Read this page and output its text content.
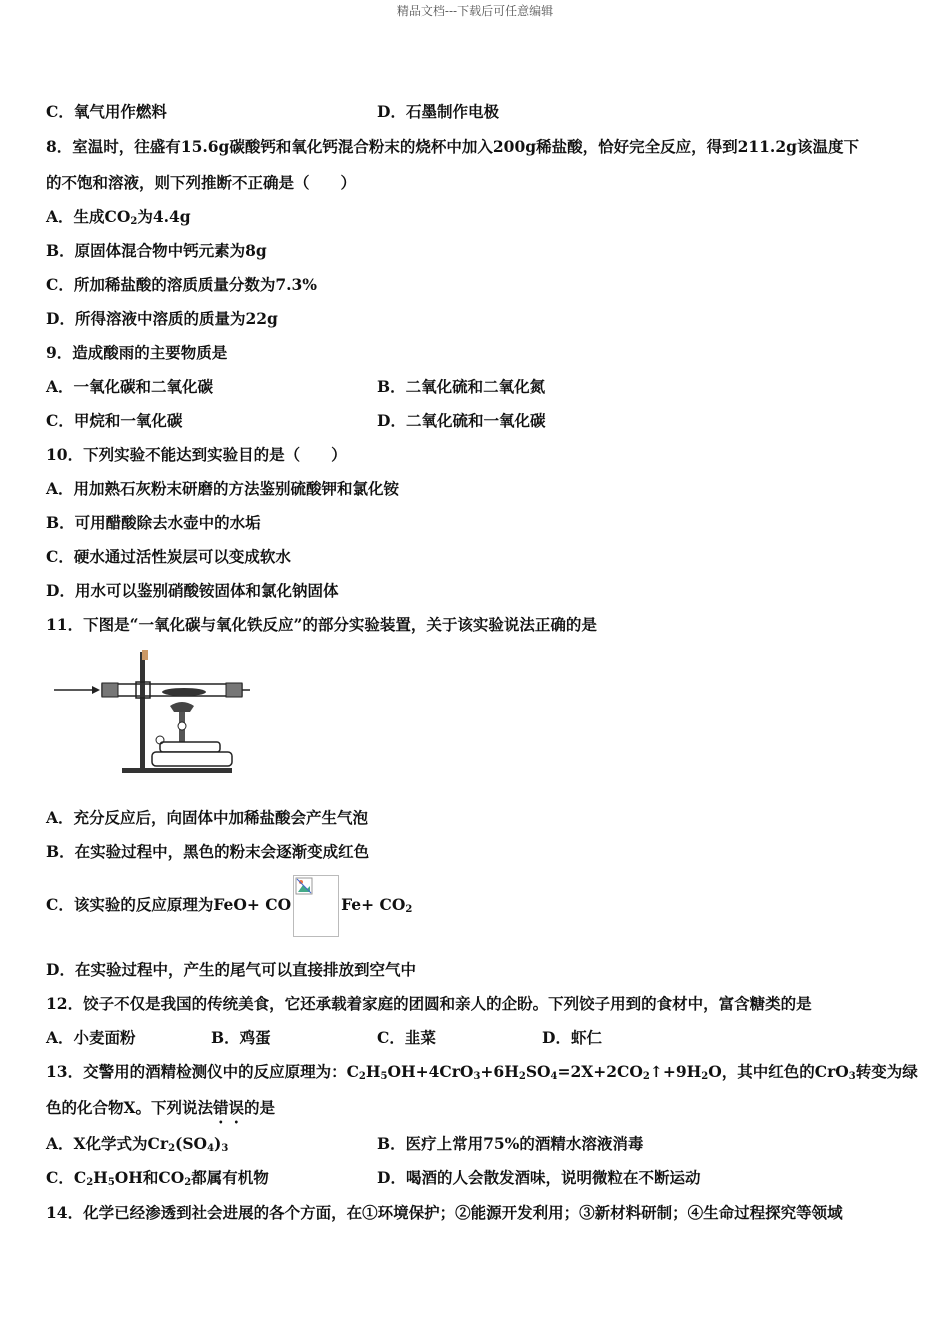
精品文档---下载后可任意编辑
C．氧气用作燃料	D．石墨制作电极
8．室温时，往盛有15.6g碳酸钙和氧化钙混合粉末的烧杯中加入200g稀盐酸，恰好完全反应，得到211.2g该温度下
的不饱和溶液，则下列推断不正确是（　　）
A．生成$CO_2$为4.4g
B．原固体混合物中钙元素为8g
C．所加稀盐酸的溶质质量分数为7.3%
D．所得溶液中溶质的质量为22g
9．造成酸雨的主要物质是
A．一氧化碳和二氧化碳	B．二氧化硫和二氧化氮
C．甲烷和一氧化碳	D．二氧化硫和一氧化碳
10．下列实验不能达到实验目的是（　　）
A．用加熟石灰粉末研磨的方法鉴别硫酸钾和氯化铵
B．可用醋酸除去水壶中的水垢
C．硬水通过活性炭层可以变成软水
D．用水可以鉴别硝酸铵固体和氯化钠固体
11．下图是“一氧化碳与氧化铁反应”的部分实验装置，关于该实验说法正确的是
A．充分反应后，向固体中加稀盐酸会产生气泡
B．在实验过程中，黑色的粉末会逐渐变成红色
C．该实验的反应原理为FeO+ CO	$Fe+ CO_2$
D．在实验过程中，产生的尾气可以直接排放到空气中
12．饺子不仅是我国的传统美食，它还承载着家庭的团圆和亲人的企盼。下列饺子用到的食材中，富含糖类的是
A．小麦面粉	B．鸡蛋	C．韭菜	D．虾仁
13．交警用的酒精检测仪中的反应原理为：$C_2H_5OH+4CrO_3+6H_2SO_4=2X+2CO_2↑+9H_2O$，其中红色的CrO$_3$转变为绿
色的化合物X。下列说法错误的是
A．X化学式为$Cr_2(SO_4)_3$	B．医疗上常用75%的酒精水溶液消毒
C．$C_2H_5OH$和$CO_2$都属有机物	D．喝酒的人会散发酒味，说明微粒在不断运动
14．化学已经渗透到社会进展的各个方面，在①环境保护；②能源开发利用；③新材料研制；④生命过程探究等领域
